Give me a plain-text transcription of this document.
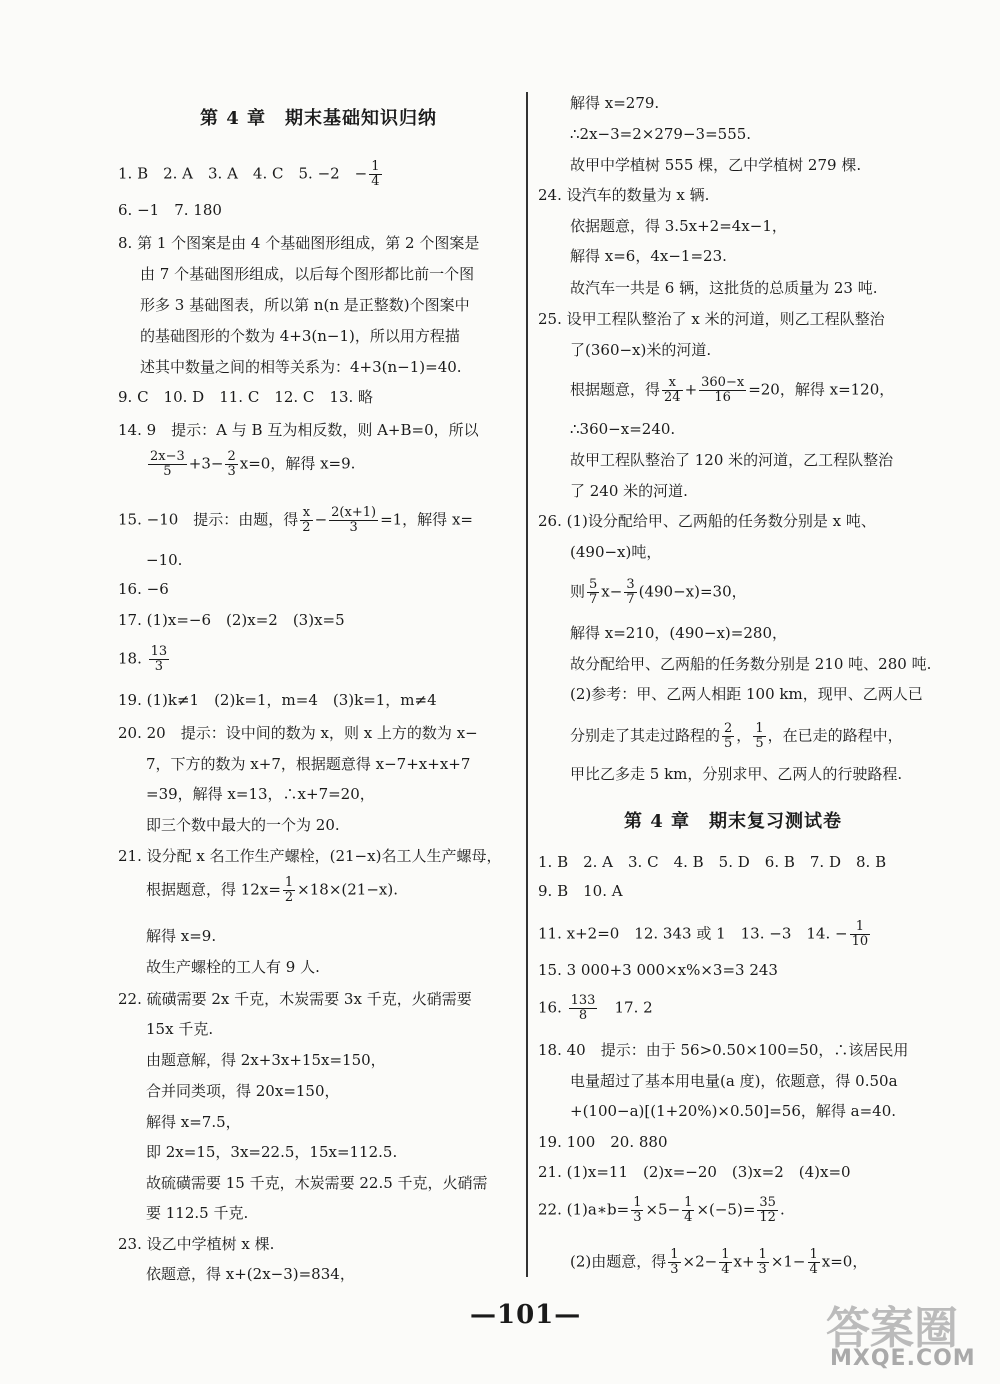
第 4 章　期末基础知识归纳
1. B　2. A　3. A　4. C　5. −2　− $\frac{1}{4}$
6. −1　7. 180
8. 第 1 个图案是由 4 个基础图形组成，第 2 个图案是
由 7 个基础图形组成，以后每个图形都比前一个图
形多 3 基础图表，所以第 n(n 是正整数)个图案中
的基础图形的个数为 4+3(n−1)，所以用方程描
述其中数量之间的相等关系为：4+3(n−1)=40.
9. C　10. D　11. C　12. C　13. 略
14. 9　提示：A 与 B 互为相反数，则 A+B=0，所以
$\frac{2x-3}{5} +3- \frac{2}{3} x=0$，解得 x=9.
15. −10　提示：由题，得 $\frac{x}{2} - \frac{2(x+1)}{3} =1$，解得 x=
−10.
16. −6
17. (1)x=−6　(2)x=2　(3)x=5
18. $\frac{13}{3}$
19. (1)k≠1　(2)k=1，m=4　(3)k=1，m≠4
20. 20　提示：设中间的数为 x，则 x 上方的数为 x−
7，下方的数为 x+7，根据题意得 x−7+x+x+7
=39，解得 x=13，∴x+7=20，
即三个数中最大的一个为 20.
21. 设分配 x 名工作生产螺栓，(21−x)名工人生产螺母，
根据题意，得 $12x= \frac{1}{2} \times 18\times(21-x)$.
解得 x=9.
故生产螺栓的工人有 9 人.
22. 硫磺需要 2x 千克，木炭需要 3x 千克，火硝需要
15x 千克.
由题意解，得 2x+3x+15x=150，
合并同类项，得 20x=150，
解得 x=7.5，
即 2x=15，3x=22.5，15x=112.5.
故硫磺需要 15 千克，木炭需要 22.5 千克，火硝需
要 112.5 千克.
23. 设乙中学植树 x 棵.
依题意，得 x+(2x−3)=834，
解得 x=279.
∴2x−3=2×279−3=555.
故甲中学植树 555 棵，乙中学植树 279 棵.
24. 设汽车的数量为 x 辆.
依据题意，得 3.5x+2=4x−1，
解得 x=6，4x−1=23.
故汽车一共是 6 辆，这批货的总质量为 23 吨.
25. 设甲工程队整治了 x 米的河道，则乙工程队整治
了(360−x)米的河道.
根据题意，得 $\frac{x}{24} + \frac{360-x}{16} =20$，解得 x=120，
∴360−x=240.
故甲工程队整治了 120 米的河道，乙工程队整治
了 240 米的河道.
26. (1)设分配给甲、乙两船的任务数分别是 x 吨、
(490−x)吨，
则 $\frac{5}{7} x- \frac{3}{7} (490-x)=30$，
解得 x=210，(490−x)=280，
故分配给甲、乙两船的任务数分别是 210 吨、280 吨.
(2)参考：甲、乙两人相距 100 km，现甲、乙两人已
分别走了其走过路程的 $\frac{2}{5}$ ， $\frac{1}{5}$ ，在已走的路程中，
甲比乙多走 5 km，分别求甲、乙两人的行驶路程.
第 4 章　期末复习测试卷
1. B　2. A　3. C　4. B　5. D　6. B　7. D　8. B
9. B　10. A
11. x+2=0　12. 343 或 1　13. −3　14. − $\frac{1}{10}$
15. 3 000+3 000×x%×3=3 243
16. $\frac{133}{8}$
　 17. 2
18. 40　提示：由于 56>0.50×100=50，∴该居民用
电量超过了基本用电量(a 度)，依题意，得 0.50a
+(100−a)[(1+20%)×0.50]=56，解得 a=40.
19. 100　20. 880
21. (1)x=11　(2)x=−20　(3)x=2　(4)x=0
22. (1)a∗b= $\frac{1}{3} \times 5- \frac{1}{4} \times(-5)= \frac{35}{12}$ .
(2)由题意，得 $\frac{1}{3} \times 2- \frac{1}{4} x+ \frac{1}{3} \times 1- \frac{1}{4} x=0$，
—101—	答案圈
MXQE.COM
